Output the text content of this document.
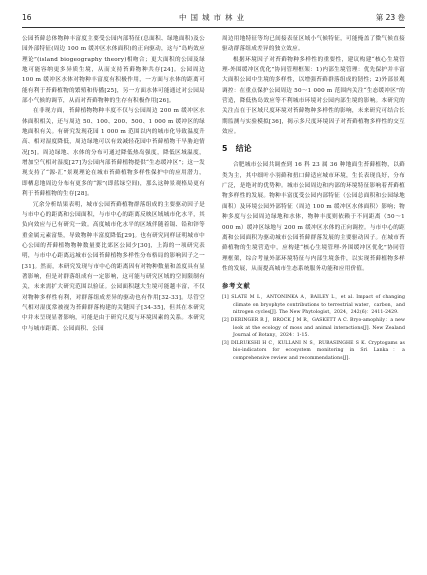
16	中国城市林业	第 23 卷

公园苔藓总体物种丰富度主要受公园内部特征(总面积、绿地面积)及公园外部特征(周边 100 m 缓冲区水体面积)的正向驱动，这与“岛屿效应理论”(island biogeography theory)相吻合；更大面积的公园及绿地可能容纳更多异质生境，从而支持苔藓物种共存[24]。公园周边 100 m 缓冲区水体对物种丰富度有积极作用，一方面与水体的距离可能有利于苔藓植物的繁殖和传播[25]，另一方面水体可能通过对公园局部小气候的调节，从而对苔藓物种的生存有积极作用[26]。

在非现方面，苔藓植物物种丰度不仅与公园周边 200 m 缓冲区水体面积相关，还与周边 50、100、200、500、1 000 m 缓冲区的绿地面积有关。有研究发现花园 1 000 m 范围以内的城市化导致温度升高、相对湿度降低，周边绿地可以有效减轻花园中苔藓植物干旱胁迫情况[5]。周边绿地、水体的分布可通过降低热岛强度，降低区域温度，增加空气相对湿度[27]为公园内部苔藓植物提供“生态缓冲区”；这一发现支持了“源-汇”景观理论在城市苔藓植物多样性保护中的应用潜力，即栖息地周边分布有更多的“源”(即蓝绿空间)，那么这种景观格局更有利于苔藓植物的生存[28]。

冗余分析结果表明，城市公园苔藓植物群落组成的主要驱动因子是与市中心的距离和公园面积，与市中心的距离反映区域城市化水平，其负向效应与已有研究一致。高度城市化水平的区域伴随着镉、铅和锌等重金属元素富集，导致物种丰富度降低[29]。也有研究同样证明城市中心公园的苔藓植物物种数量要比郊区公园少[30]，上海的一项研究表明，与市中心距离远城市公园苔藓植物多样性分布格局的影响因子之一[31]。然而，本研究发现与市中心的距离因有对物种数量和盖度具有显著影响，但是对群落组成有一定影响，这可能与研究区域的空间限制有关，未来需扩大研究范围以验证。公园面积越大生境可能越丰富，不仅对物种多样性有利，对群落组成差异的驱动也有作用[32-33]。尽管空气相对湿度常被视为苔藓群落构建的关键因子[34-35]，但其在本研究中并未呈现显著影响，可能是由于研究尺度与环境因素的关系。本研究中与城市距离、公园面积、公园

周边用地特征等均已间接表征区域小气候特征，可能掩盖了微气候直接驱动群落组成差异的独立效应。

根据环境因子对苔藓物种多样性的重要性，建议构建“核心生境管理-外围缓冲区优化”协同管理框架：1)内部生境管理：优先保护并丰富大面积公园中生境的多样性，以增强苔藓群落组成的韧性；2)外部景观调控：在重点保护公园周边 50～1 000 m 范围内关注“生态缓冲区”的营造，降低热岛效应等不利城市环境对公园内部生境的影响。本研究的关注点在于区域尺度环境对苔藓物种多样性的影响，未来研究可结合长期监测与实验模拟[36]，揭示多尺度环境因子对苔藓植物多样性的交互效应。

5 结论

合肥城市公园共调查到 16 科 23 属 36 种地面生苔藓植物，以藓类为主，其中细叶小羽藓和扭口藓适应城市环境，生长表现良好，分布广泛，是绝对的优势种。城市公园周边和内部的环境特征影响着苔藓植物多样性的发展。物种丰富度受公园内部特征（公园总面积和公园绿地面积）及环境公园外部特征（周边 100 m 缓冲区水体面积）影响；物种多度与公园周边绿地和水体，物种丰度则依赖于不同距离（50～1 000 m）缓冲区绿地与 200 m 缓冲区水体的正向调控。与市中心的距离和公园面积为驱动城市公园苔藓群落发展的主要驱动因子。在城市苔藓植物的生境营造中，应构建“核心生境管理-外围缓冲区优化”协同管理框架，综合考量外部环境特征与内部生境条件，以实现苔藓植物多样性的发展，从而提高城市生态系统服务功能和应用价值。

参考文献

[1] SLATE M L，ANTONINKA A，BAILEY L，et al. Impact of changing climate on bryophyte contributions to terrestrial water，carbon，and nitrogen cycles[J]. The New Phytologist，2024，242(6)：2411-2429.

[2] DERINGER R J，BROCK J M R，GASKETT A C. Bryo-amophily：a new look at the ecology of moss and animal interactions[J]. New Zealand Journal of Botany，2024：1-15.

[3] DILRUKSHI H C，KULLANI N S，RUBASINGHE S K. Cryptogams as bio-indicators for ecosystem monitoring in Sri Lanka：a comprehensive review and recommendations[J].
